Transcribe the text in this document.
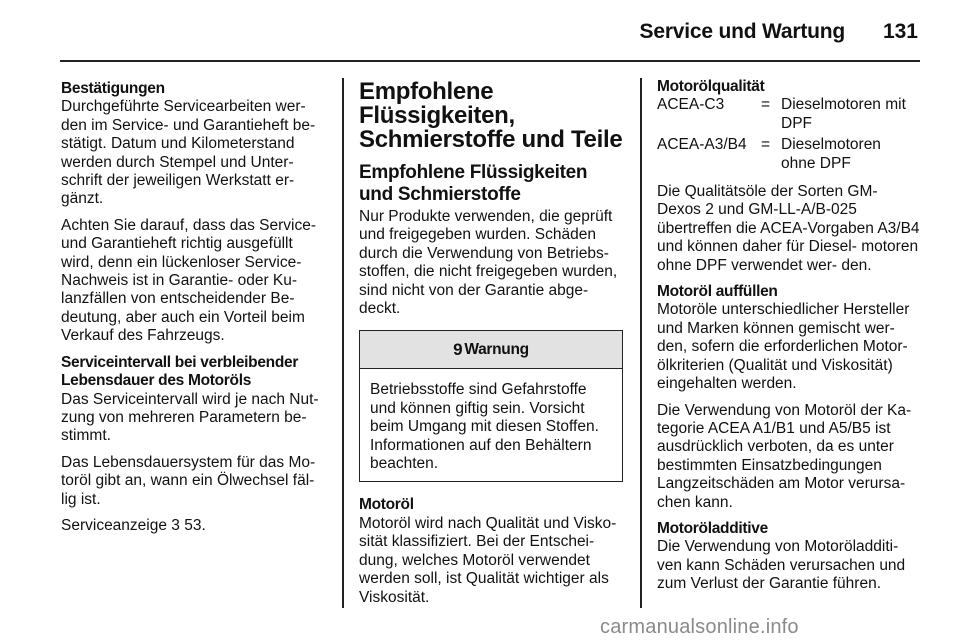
Service und Wartung	131
Bestätigungen

Durchgeführte Servicearbeiten wer- den im Service- und Garantieheft be- stätigt. Datum und Kilometerstand werden durch Stempel und Unter- schrift der jeweiligen Werkstatt er- gänzt.

Achten Sie darauf, dass das Service- und Garantieheft richtig ausgefüllt wird, denn ein lückenloser Service- Nachweis ist in Garantie- oder Ku- lanzfällen von entscheidender Be- deutung, aber auch ein Vorteil beim Verkauf des Fahrzeugs.

Serviceintervall bei verbleibender Lebensdauer des Motoröls

Das Serviceintervall wird je nach Nut- zung von mehreren Parametern be- stimmt.

Das Lebensdauersystem für das Mo- toröl gibt an, wann ein Ölwechsel fäl- lig ist.

Serviceanzeige 3 53.

Empfohlene Flüssigkeiten, Schmierstoffe und Teile
Empfohlene Flüssigkeiten und Schmierstoffe

Nur Produkte verwenden, die geprüft und freigegeben wurden. Schäden durch die Verwendung von Betriebs- stoffen, die nicht freigegeben wurden, sind nicht von der Garantie abge- deckt.

9 Warnung

Betriebsstoffe sind Gefahrstoffe und können giftig sein. Vorsicht beim Umgang mit diesen Stoffen. Informationen auf den Behältern beachten.

Motoröl

Motoröl wird nach Qualität und Visko- sität klassifiziert. Bei der Entschei- dung, welches Motoröl verwendet werden soll, ist Qualität wichtiger als Viskosität.

Motorölqualität
ACEA-C3	= Dieselmotoren mit
DPF
ACEA-A3/B4 = Dieselmotoren
ohne DPF

Die Qualitätsöle der Sorten GM-Dexos 2 und GM-LL-A/B-025 übertreffen die ACEA-Vorgaben A3/B4 und können daher für Diesel- motoren ohne DPF verwendet wer- den.

Motoröl auffüllen

Motoröle unterschiedlicher Hersteller und Marken können gemischt wer- den, sofern die erforderlichen Motor- ölkriterien (Qualität und Viskosität) eingehalten werden.

Die Verwendung von Motoröl der Ka- tegorie ACEA A1/B1 und A5/B5 ist ausdrücklich verboten, da es unter bestimmten Einsatzbedingungen Langzeitschäden am Motor verursa- chen kann.

Motoröladditive

Die Verwendung von Motoröladditi- ven kann Schäden verursachen und zum Verlust der Garantie führen.

carmanualsonline.info
